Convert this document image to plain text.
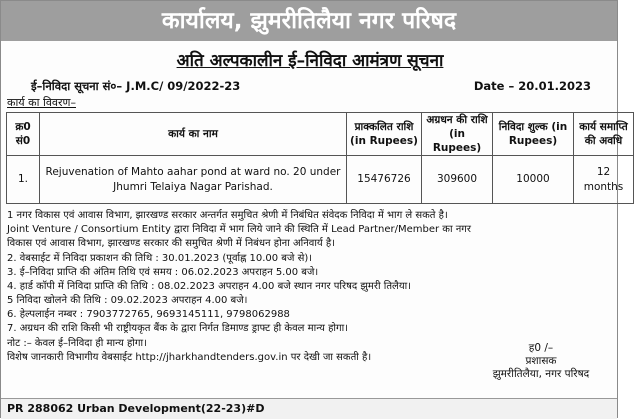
कार्यालय, झुमरीतिलैया नगर परिषद
अति अल्पकालीन ई–निविदा आमंत्रण सूचना
ई–निविदा सूचना सं०– J.M.C/ 09/2022-23	Date – 20.01.2023
कार्य का विवरण–
क्र0 सं0	कार्य का नाम	प्राक्कलित राशि (in Rupees)	अग्रधन की राशि (in Rupees)	निविदा शुल्क (in Rupees)	कार्य समाप्ति की अवधि
1.	Rejuvenation of Mahto aahar pond at ward no. 20 under Jhumri Telaiya Nagar Parishad.	15476726	309600	10000	12 months
1 नगर विकास एवं आवास विभाग, झारखण्ड सरकार अन्तर्गत समुचित श्रेणी में निबंधित संवेदक निविदा में भाग ले सकते है।
Joint Venture / Consortium Entity द्वारा निविदा में भाग लिये जाने की स्थिति में Lead Partner/Member का नगर
विकास एवं आवास विभाग, झारखण्ड सरकार की समुचित श्रेणी में निबंधन होना अनिवार्य है।
2. वेबसाईट में निविदा प्रकाशन की तिथि : 30.01.2023 (पूर्वाह्न 10.00 बजे से)।
3. ई–निविदा प्राप्ति की अंतिम तिथि एवं समय : 06.02.2023 अपराहन 5.00 बजे।
4. हार्ड कॉपी में निविदा प्राप्ति की तिथि : 08.02.2023 अपराहन 4.00 बजे स्थान नगर परिषद झुमरी तिलैया।
5 निविदा खोलने की तिथि : 09.02.2023 अपराहन 4.00 बजे।
6. हेल्पलाईन नम्बर : 7903772765, 9693145111, 9798062988
7. अग्रधन की राशि किसी भी राष्ट्रीयकृत बैंक के द्वारा निर्गत डिमाण्ड ड्राफ्ट ही केवल मान्य होगा।
नोट :– केवल ई–निविदा ही मान्य होगा।
विशेष जानकारी विभागीय वेबसाईट http://jharkhandtenders.gov.in पर देखी जा सकती है।
ह0 /–
प्रशासक
झुमरीतिलैया, नगर परिषद
PR 288062 Urban Development(22-23)#D
